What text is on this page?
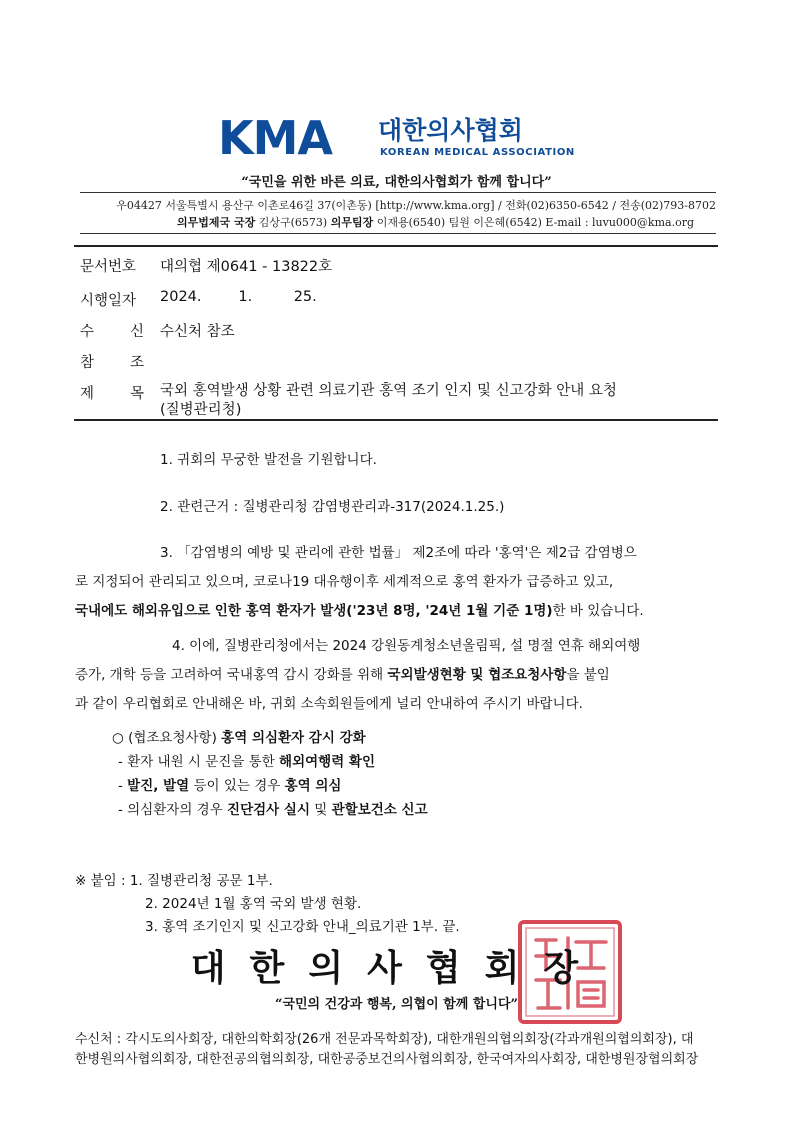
KMA 대한의사협회
KOREAN MEDICAL ASSOCIATION
“국민을 위한 바른 의료, 대한의사협회가 함께 합니다”
우04427 서울특별시 용산구 이촌로46길 37(이촌동) [http://www.kma.org] / 전화(02)6350-6542 / 전송(02)793-8702
의무법제국 국장 김상구(6573) 의무팀장 이재용(6540) 팀원 이은혜(6542) E-mail : luvu000@kma.org
문서번호 대의협 제0641 - 13822호
시행일자 2024.        1.         25.
수 신 수신처 참조
참 조
제 목 국외 홍역발생 상황 관련 의료기관 홍역 조기 인지 및 신고강화 안내 요청
(질병관리청)
1. 귀회의 무궁한 발전을 기원합니다.
2. 관련근거 : 질병관리청 감염병관리과-317(2024.1.25.)
3. 「감염병의 예방 및 관리에 관한 법률」 제2조에 따라 '홍역'은 제2급 감염병으
로 지정되어 관리되고 있으며, 코로나19 대유행이후 세계적으로 홍역 환자가 급증하고 있고,
국내에도 해외유입으로 인한 홍역 환자가 발생('23년 8명, '24년 1월 기준 1명)한 바 있습니다.
4. 이에, 질병관리청에서는 2024 강원동계청소년올림픽, 설 명절 연휴 해외여행
증가, 개학 등을 고려하여 국내홍역 감시 강화를 위해 국외발생현황 및 협조요청사항을 붙임
과 같이 우리협회로 안내해온 바, 귀회 소속회원들에게 널리 안내하여 주시기 바랍니다.
○ (협조요청사항) 홍역 의심환자 감시 강화
- 환자 내원 시 문진을 통한 해외여행력 확인
- 발진, 발열 등이 있는 경우 홍역 의심
- 의심환자의 경우 진단검사 실시 및 관할보건소 신고
※ 붙임 : 1. 질병관리청 공문 1부.
2. 2024년 1월 홍역 국외 발생 현황.
3. 홍역 조기인지 및 신고강화 안내_의료기관 1부. 끝.
대한의사협회장
“국민의 건강과 행복, 의협이 함께 합니다”
수신처 : 각시도의사회장, 대한의학회장(26개 전문과목학회장), 대한개원의협의회장(각과개원의협의회장), 대
한병원의사협의회장, 대한전공의협의회장, 대한공중보건의사협의회장, 한국여자의사회장, 대한병원장협의회장
